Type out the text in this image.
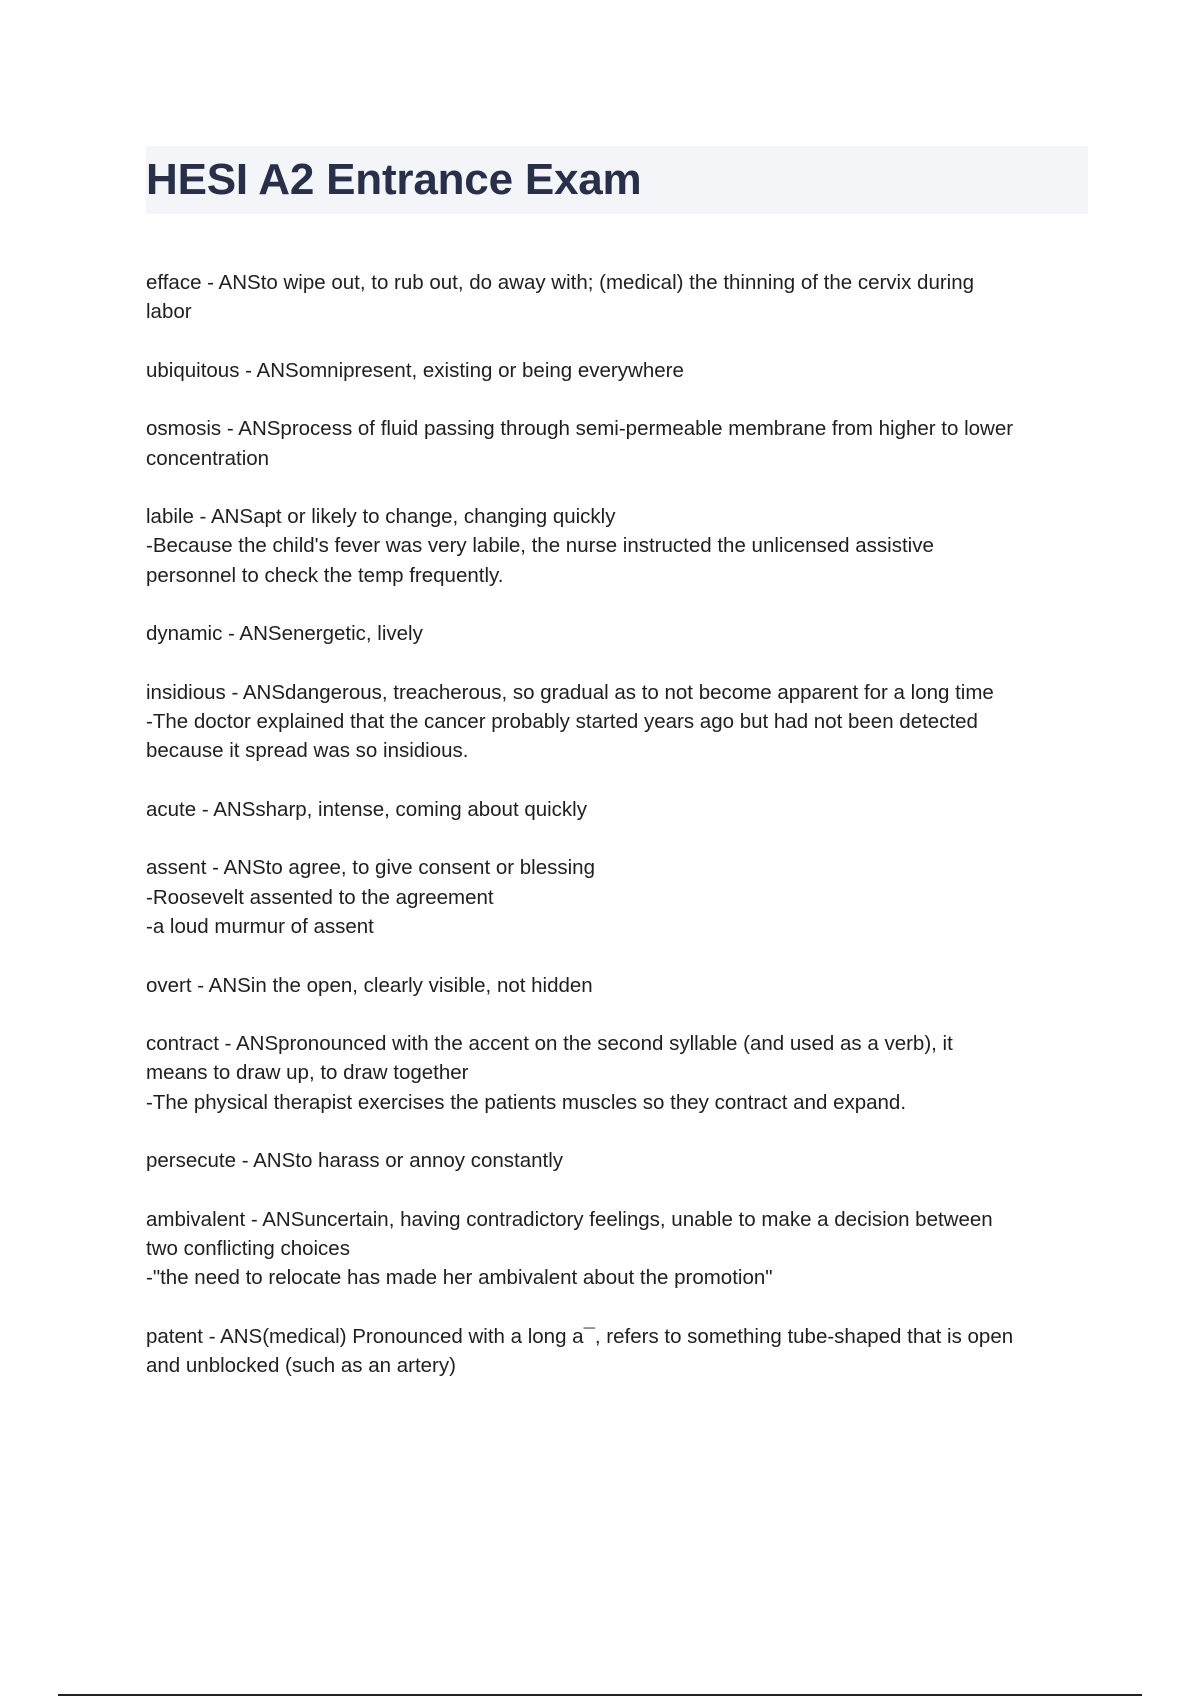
HESI A2 Entrance Exam
efface - ANSto wipe out, to rub out, do away with; (medical) the thinning of the cervix during
labor
ubiquitous - ANSomnipresent, existing or being everywhere
osmosis - ANSprocess of fluid passing through semi-permeable membrane from higher to lower
concentration
labile - ANSapt or likely to change, changing quickly
-Because the child's fever was very labile, the nurse instructed the unlicensed assistive
personnel to check the temp frequently.
dynamic - ANSenergetic, lively
insidious - ANSdangerous, treacherous, so gradual as to not become apparent for a long time
-The doctor explained that the cancer probably started years ago but had not been detected
because it spread was so insidious.
acute - ANSsharp, intense, coming about quickly
assent - ANSto agree, to give consent or blessing
-Roosevelt assented to the agreement
-a loud murmur of assent
overt - ANSin the open, clearly visible, not hidden
contract - ANSpronounced with the accent on the second syllable (and used as a verb), it
means to draw up, to draw together
-The physical therapist exercises the patients muscles so they contract and expand.
persecute - ANSto harass or annoy constantly
ambivalent - ANSuncertain, having contradictory feelings, unable to make a decision between
two conflicting choices
-"the need to relocate has made her ambivalent about the promotion"
patent - ANS(medical) Pronounced with a long a¯, refers to something tube-shaped that is open
and unblocked (such as an artery)
